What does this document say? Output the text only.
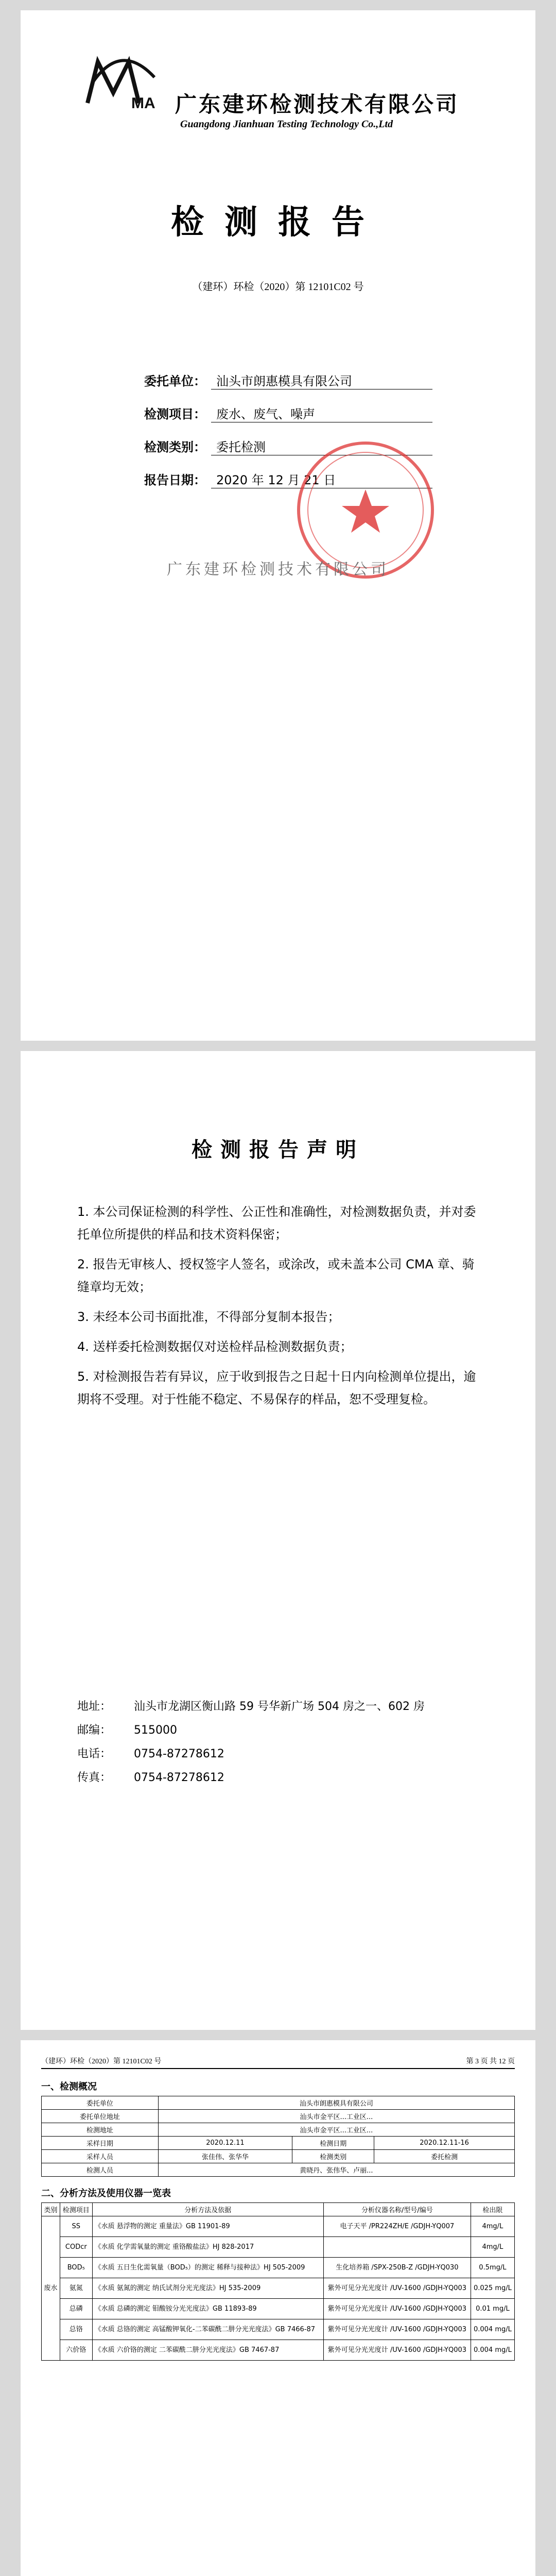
MA 广东建环检测技术有限公司
Guangdong Jianhuan Testing Technology Co.,Ltd
检测报告
（建环）环检（2020）第 12101C02 号
委托单位： 汕头市朗惠模具有限公司
检测项目： 废水、废气、噪声
检测类别： 委托检测
报告日期： 2020 年 12 月 21 日
广东建环检测技术有限公司
检测报告声明
1. 本公司保证检测的科学性、公正性和准确性，对检测数据负责，并对委托单位所提供的样品和技术资料保密；
2. 报告无审核人、授权签字人签名，或涂改，或未盖本公司 CMA 章、骑缝章均无效；
3. 未经本公司书面批准，不得部分复制本报告；
4. 送样委托检测数据仅对送检样品检测数据负责；
5. 对检测报告若有异议，应于收到报告之日起十日内向检测单位提出，逾期将不受理。对于性能不稳定、不易保存的样品，恕不受理复检。
地址：	汕头市龙湖区衡山路 59 号华新广场 504 房之一、602 房
邮编：	515000
电话：	0754-87278612
传真：	0754-87278612
（建环）环检（2020）第 12101C02 号	第 3 页 共 12 页
一、检测概况
委托单位	汕头市朗惠模具有限公司		
委托单位地址	汕头市金平区...工业区...		
检测地址	汕头市金平区...工业区...		
采样日期	2020.12.11	检测日期	2020.12.11-16
采样人员	张佳伟、张华华	检测类别	委托检测
检测人员	黄晓丹、张伟华、卢丽...		
二、分析方法及使用仪器一览表
类别	检测项目	分析方法及依据	分析仪器名称/型号/编号	检出限
废水	SS	《水质 悬浮物的测定 重量法》GB 11901-89	电子天平 /PR224ZH/E /GDJH-YQ007	4mg/L
	CODcr	《水质 化学需氧量的测定 重铬酸盐法》HJ 828-2017		4mg/L
	BOD₅	《水质 五日生化需氧量（BOD₅）的测定 稀释与接种法》HJ 505-2009	生化培养箱 /SPX-250B-Z /GDJH-YQ030	0.5mg/L
	氨氮	《水质 氨氮的测定 纳氏试剂分光光度法》HJ 535-2009	紫外可见分光光度计 /UV-1600 /GDJH-YQ003	0.025 mg/L
	总磷	《水质 总磷的测定 钼酸铵分光光度法》GB 11893-89	紫外可见分光光度计 /UV-1600 /GDJH-YQ003	0.01 mg/L
	总铬	《水质 总铬的测定 高锰酸钾氧化-二苯碳酰二肼分光光度法》GB 7466-87	紫外可见分光光度计 /UV-1600 /GDJH-YQ003	0.004 mg/L
	六价铬	《水质 六价铬的测定 二苯碳酰二肼分光光度法》GB 7467-87	紫外可见分光光度计 /UV-1600 /GDJH-YQ003	0.004 mg/L
